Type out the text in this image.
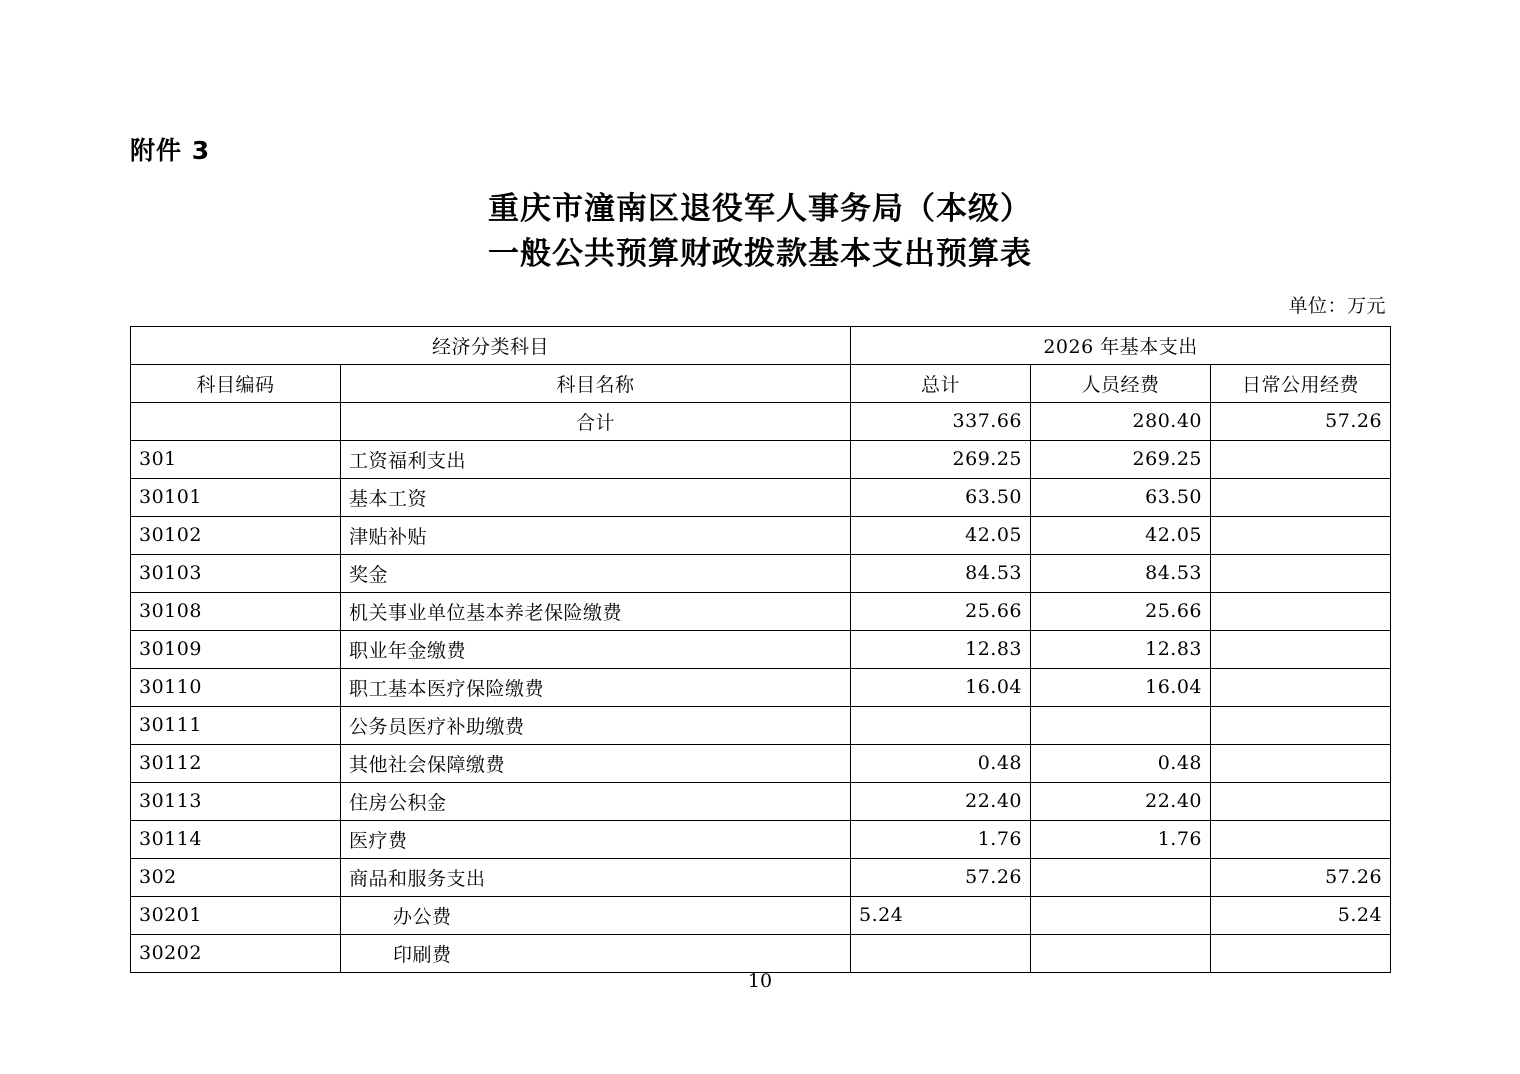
附件 3
重庆市潼南区退役军人事务局（本级）
一般公共预算财政拨款基本支出预算表
单位：万元
经济分类科目		2026 年基本支出		
科目编码	科目名称	总计	人员经费	日常公用经费
	合计	337.66	280.40	57.26
301	工资福利支出	269.25	269.25	
30101	基本工资	63.50	63.50	
30102	津贴补贴	42.05	42.05	
30103	奖金	84.53	84.53	
30108	机关事业单位基本养老保险缴费	25.66	25.66	
30109	职业年金缴费	12.83	12.83	
30110	职工基本医疗保险缴费	16.04	16.04	
30111	公务员医疗补助缴费			
30112	其他社会保障缴费	0.48	0.48	
30113	住房公积金	22.40	22.40	
30114	医疗费	1.76	1.76	
302	商品和服务支出	57.26		57.26
30201	办公费	5.24		5.24
30202	印刷费			
10
